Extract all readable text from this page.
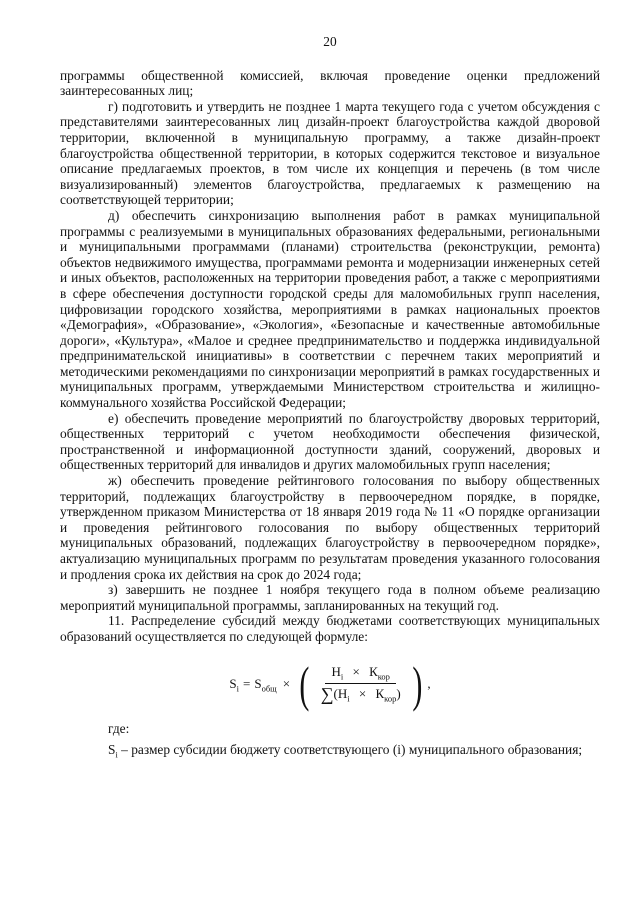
20

программы общественной комиссией, включая проведение оценки предложений заинтересованных лиц;

г) подготовить и утвердить не позднее 1 марта текущего года с учетом обсуждения с представителями заинтересованных лиц дизайн-проект благоустройства каждой дворовой территории, включенной в муниципальную программу, а также дизайн-проект благоустройства общественной территории, в которых содержится текстовое и визуальное описание предлагаемых проектов, в том числе их концепция и перечень (в том числе визуализированный) элементов благоустройства, предлагаемых к размещению на соответствующей территории;

д) обеспечить синхронизацию выполнения работ в рамках муниципальной программы с реализуемыми в муниципальных образованиях федеральными, региональными и муниципальными программами (планами) строительства (реконструкции, ремонта) объектов недвижимого имущества, программами ремонта и модернизации инженерных сетей и иных объектов, расположенных на территории проведения работ, а также с мероприятиями в сфере обеспечения доступности городской среды для маломобильных групп населения, цифровизации городского хозяйства, мероприятиями в рамках национальных проектов «Демография», «Образование», «Экология», «Безопасные и качественные автомобильные дороги», «Культура», «Малое и среднее предпринимательство и поддержка индивидуальной предпринимательской инициативы» в соответствии с перечнем таких мероприятий и методическими рекомендациями по синхронизации мероприятий в рамках государственных и муниципальных программ, утверждаемыми Министерством строительства и жилищно-коммунального хозяйства Российской Федерации;

е) обеспечить проведение мероприятий по благоустройству дворовых территорий, общественных территорий с учетом необходимости обеспечения физической, пространственной и информационной доступности зданий, сооружений, дворовых и общественных территорий для инвалидов и других маломобильных групп населения;

ж) обеспечить проведение рейтингового голосования по выбору общественных территорий, подлежащих благоустройству в первоочередном порядке, в порядке, утвержденном приказом Министерства от 18 января 2019 года № 11 «О порядке организации и проведения рейтингового голосования по выбору общественных территорий муниципальных образований, подлежащих благоустройству в первоочередном порядке», актуализацию муниципальных программ по результатам проведения указанного голосования и продления срока их действия на срок до 2024 года;

з) завершить не позднее 1 ноября текущего года в полном объеме реализацию мероприятий муниципальной программы, запланированных на текущий год.

11. Распределение субсидий между бюджетами соответствующих муниципальных образований осуществляется по следующей формуле:

$S_i = S_{общ}$ × ( $\frac{H_i \times К_{кор}}{\sum(H_i \times К_{кор})}$ ) ,

где:

$S_i$ – размер субсидии бюджету соответствующего (i) муниципального образования;
